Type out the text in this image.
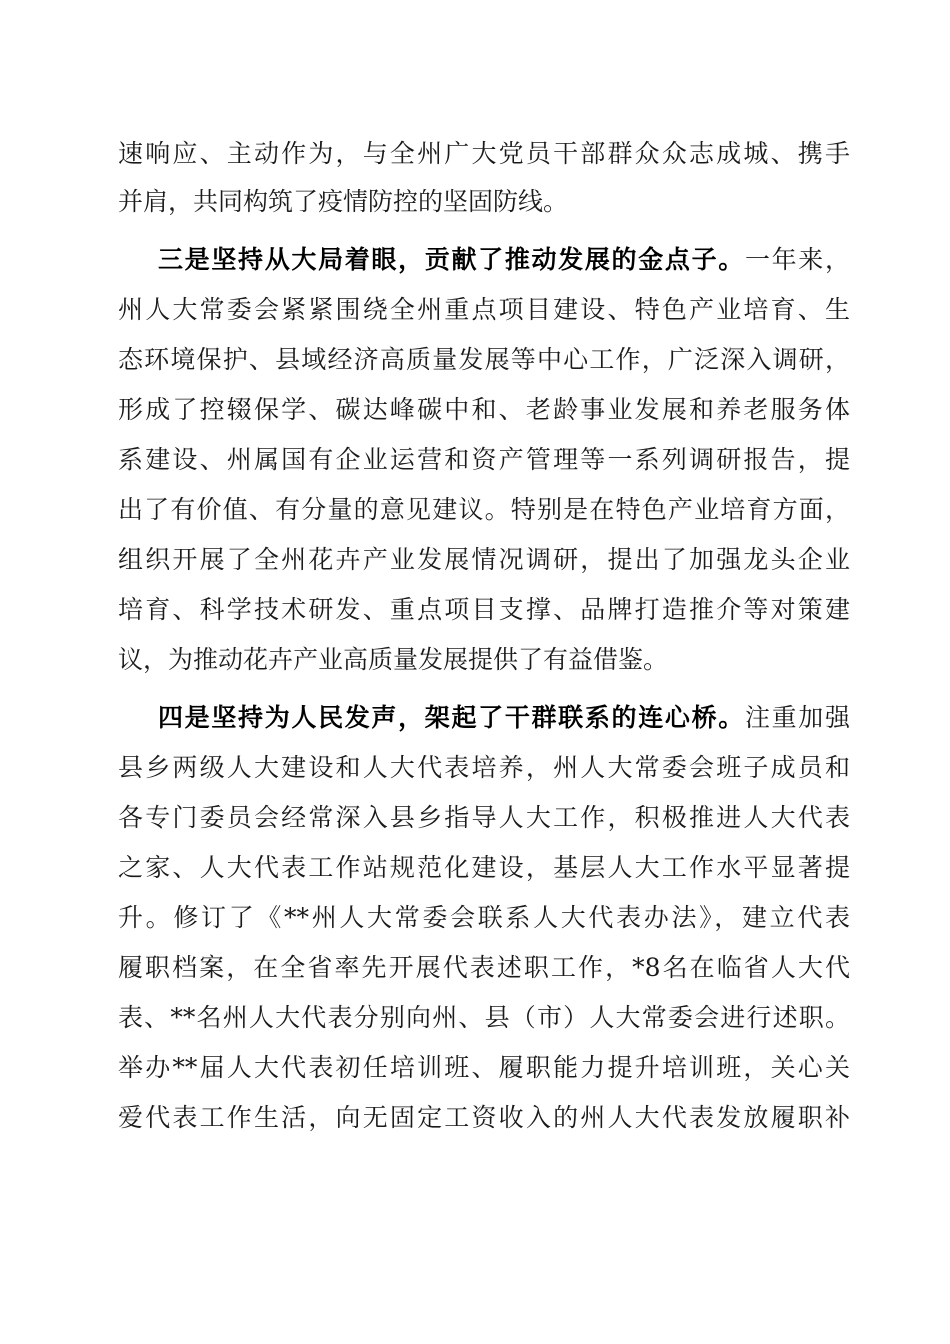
速响应、主动作为，与全州广大党员干部群众众志成城、携手
并肩，共同构筑了疫情防控的坚固防线。
三是坚持从大局着眼，贡献了推动发展的金点子。一年来，
州人大常委会紧紧围绕全州重点项目建设、特色产业培育、生
态环境保护、县域经济高质量发展等中心工作，广泛深入调研，
形成了控辍保学、碳达峰碳中和、老龄事业发展和养老服务体
系建设、州属国有企业运营和资产管理等一系列调研报告，提
出了有价值、有分量的意见建议。特别是在特色产业培育方面，
组织开展了全州花卉产业发展情况调研，提出了加强龙头企业
培育、科学技术研发、重点项目支撑、品牌打造推介等对策建
议，为推动花卉产业高质量发展提供了有益借鉴。
四是坚持为人民发声，架起了干群联系的连心桥。注重加强
县乡两级人大建设和人大代表培养，州人大常委会班子成员和
各专门委员会经常深入县乡指导人大工作，积极推进人大代表
之家、人大代表工作站规范化建设，基层人大工作水平显著提
升。修订了《**州人大常委会联系人大代表办法》，建立代表
履职档案，在全省率先开展代表述职工作，*8名在临省人大代
表、**名州人大代表分别向州、县（市）人大常委会进行述职。
举办**届人大代表初任培训班、履职能力提升培训班，关心关
爱代表工作生活，向无固定工资收入的州人大代表发放履职补
